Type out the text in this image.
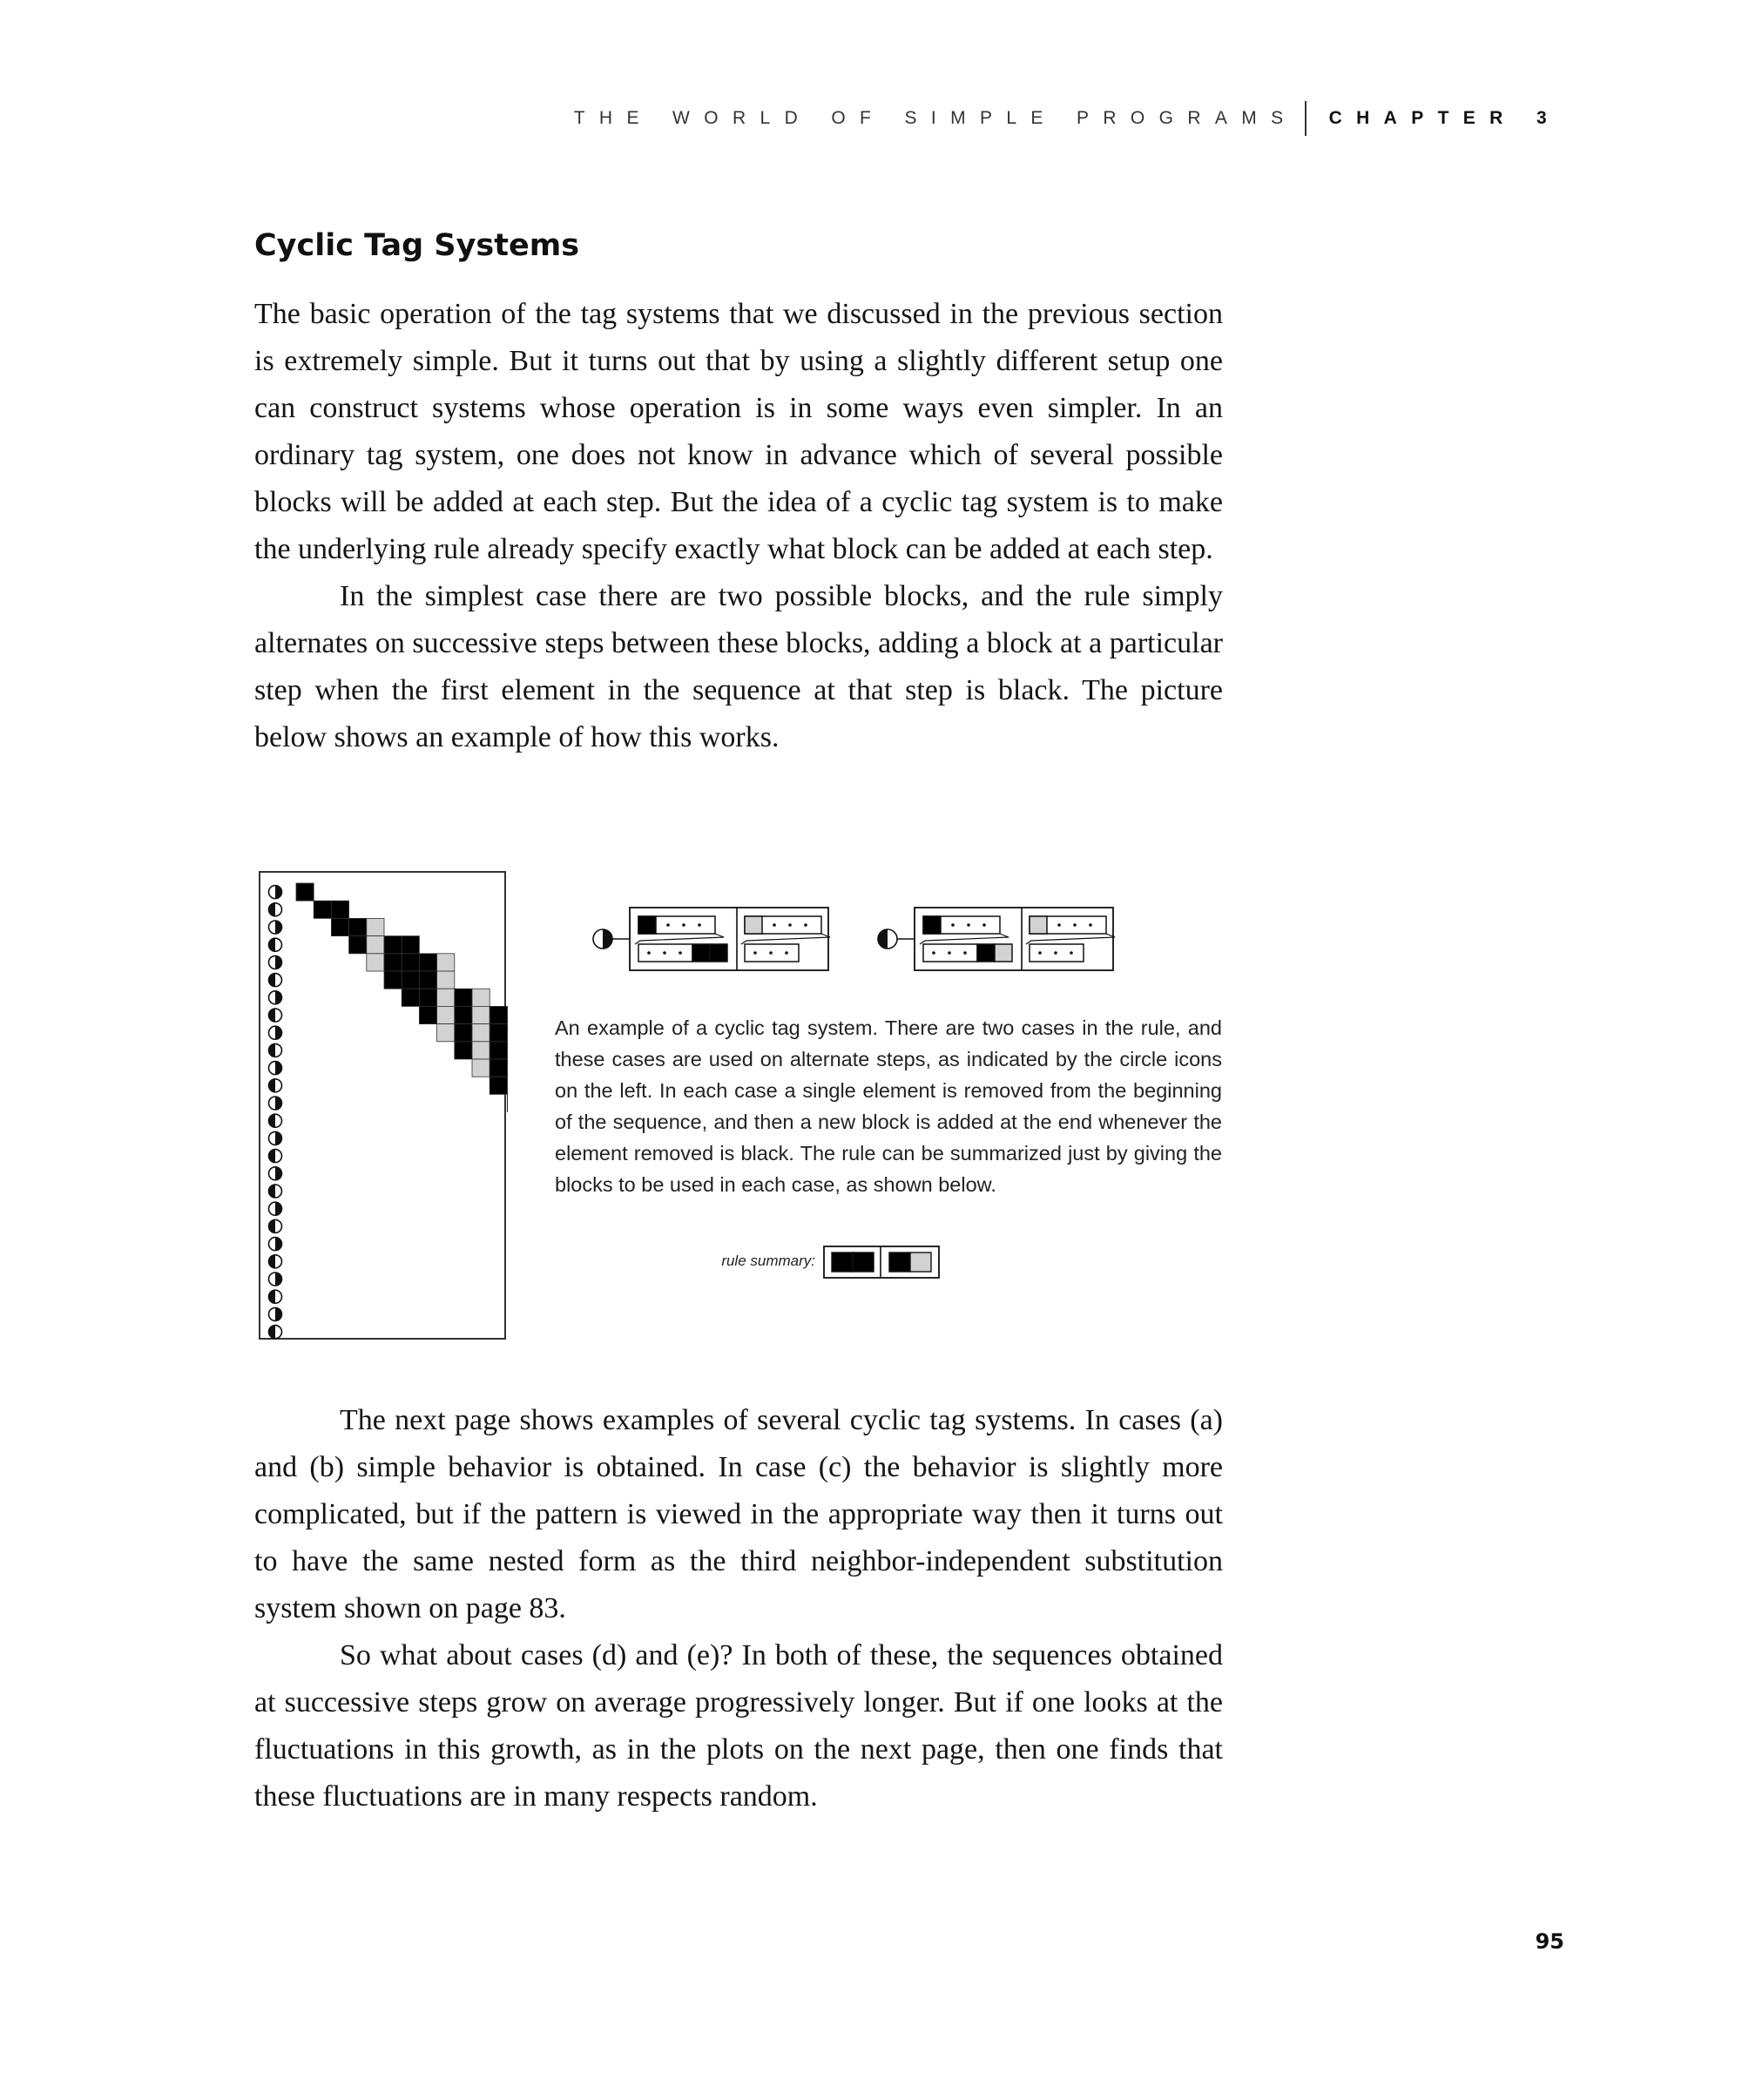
THE WORLD OF SIMPLE PROGRAMS CHAPTER 3
Cyclic Tag Systems

The basic operation of the tag systems that we discussed in the previous section is extremely simple. But it turns out that by using a slightly different setup one can construct systems whose operation is in some ways even simpler. In an ordinary tag system, one does not know in advance which of several possible blocks will be added at each step. But the idea of a cyclic tag system is to make the underlying rule already specify exactly what block can be added at each step.

In the simplest case there are two possible blocks, and the rule simply alternates on successive steps between these blocks, adding a block at a particular step when the first element in the sequence at that step is black. The picture below shows an example of how this works.

An example of a cyclic tag system. There are two cases in the rule, and these cases are used on alternate steps, as indicated by the circle icons on the left. In each case a single element is removed from the beginning of the sequence, and then a new block is added at the end whenever the element removed is black. The rule can be summarized just by giving the blocks to be used in each case, as shown below.

rule summary:

The next page shows examples of several cyclic tag systems. In cases (a) and (b) simple behavior is obtained. In case (c) the behavior is slightly more complicated, but if the pattern is viewed in the appropriate way then it turns out to have the same nested form as the third neighbor-independent substitution system shown on page 83.

So what about cases (d) and (e)? In both of these, the sequences obtained at successive steps grow on average progressively longer. But if one looks at the fluctuations in this growth, as in the plots on the next page, then one finds that these fluctuations are in many respects random.

95
